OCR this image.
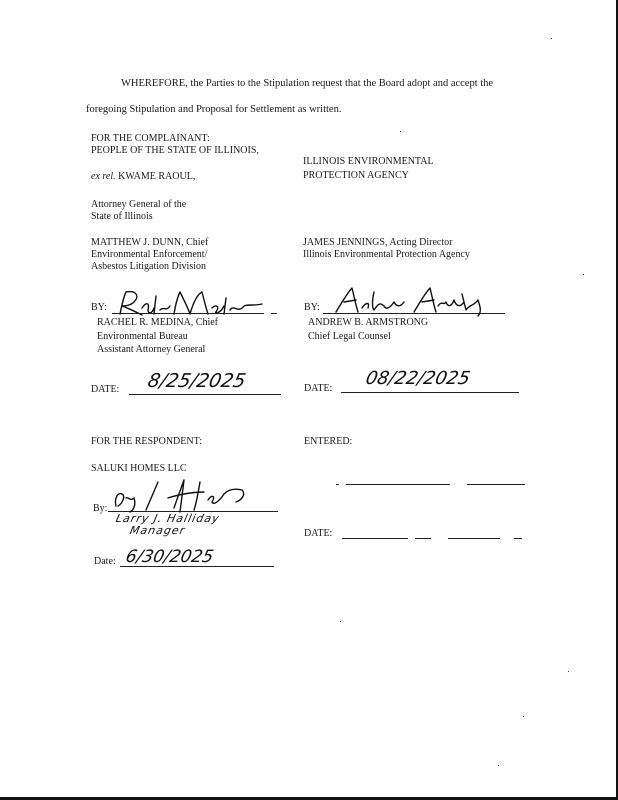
WHEREFORE, the Parties to the Stipulation request that the Board adopt and accept the
foregoing Stipulation and Proposal for Settlement as written.
FOR THE COMPLAINANT:
PEOPLE OF THE STATE OF ILLINOIS,
ex rel. KWAME RAOUL,
Attorney General of the
State of Illinois
MATTHEW J. DUNN, Chief
Environmental Enforcement/
Asbestos Litigation Division
BY:
RACHEL R. MEDINA, Chief
Environmental Bureau
Assistant Attorney General
DATE: 8/25/2025
ILLINOIS ENVIRONMENTAL
PROTECTION AGENCY
JAMES JENNINGS, Acting Director
Illinois Environmental Protection Agency
BY:
ANDREW B. ARMSTRONG
Chief Legal Counsel
DATE: 08/22/2025
FOR THE RESPONDENT:
SALUKI HOMES LLC
By:
Larry J. Halliday
Manager
Date: 6/30/2025
ENTERED:
DATE:
